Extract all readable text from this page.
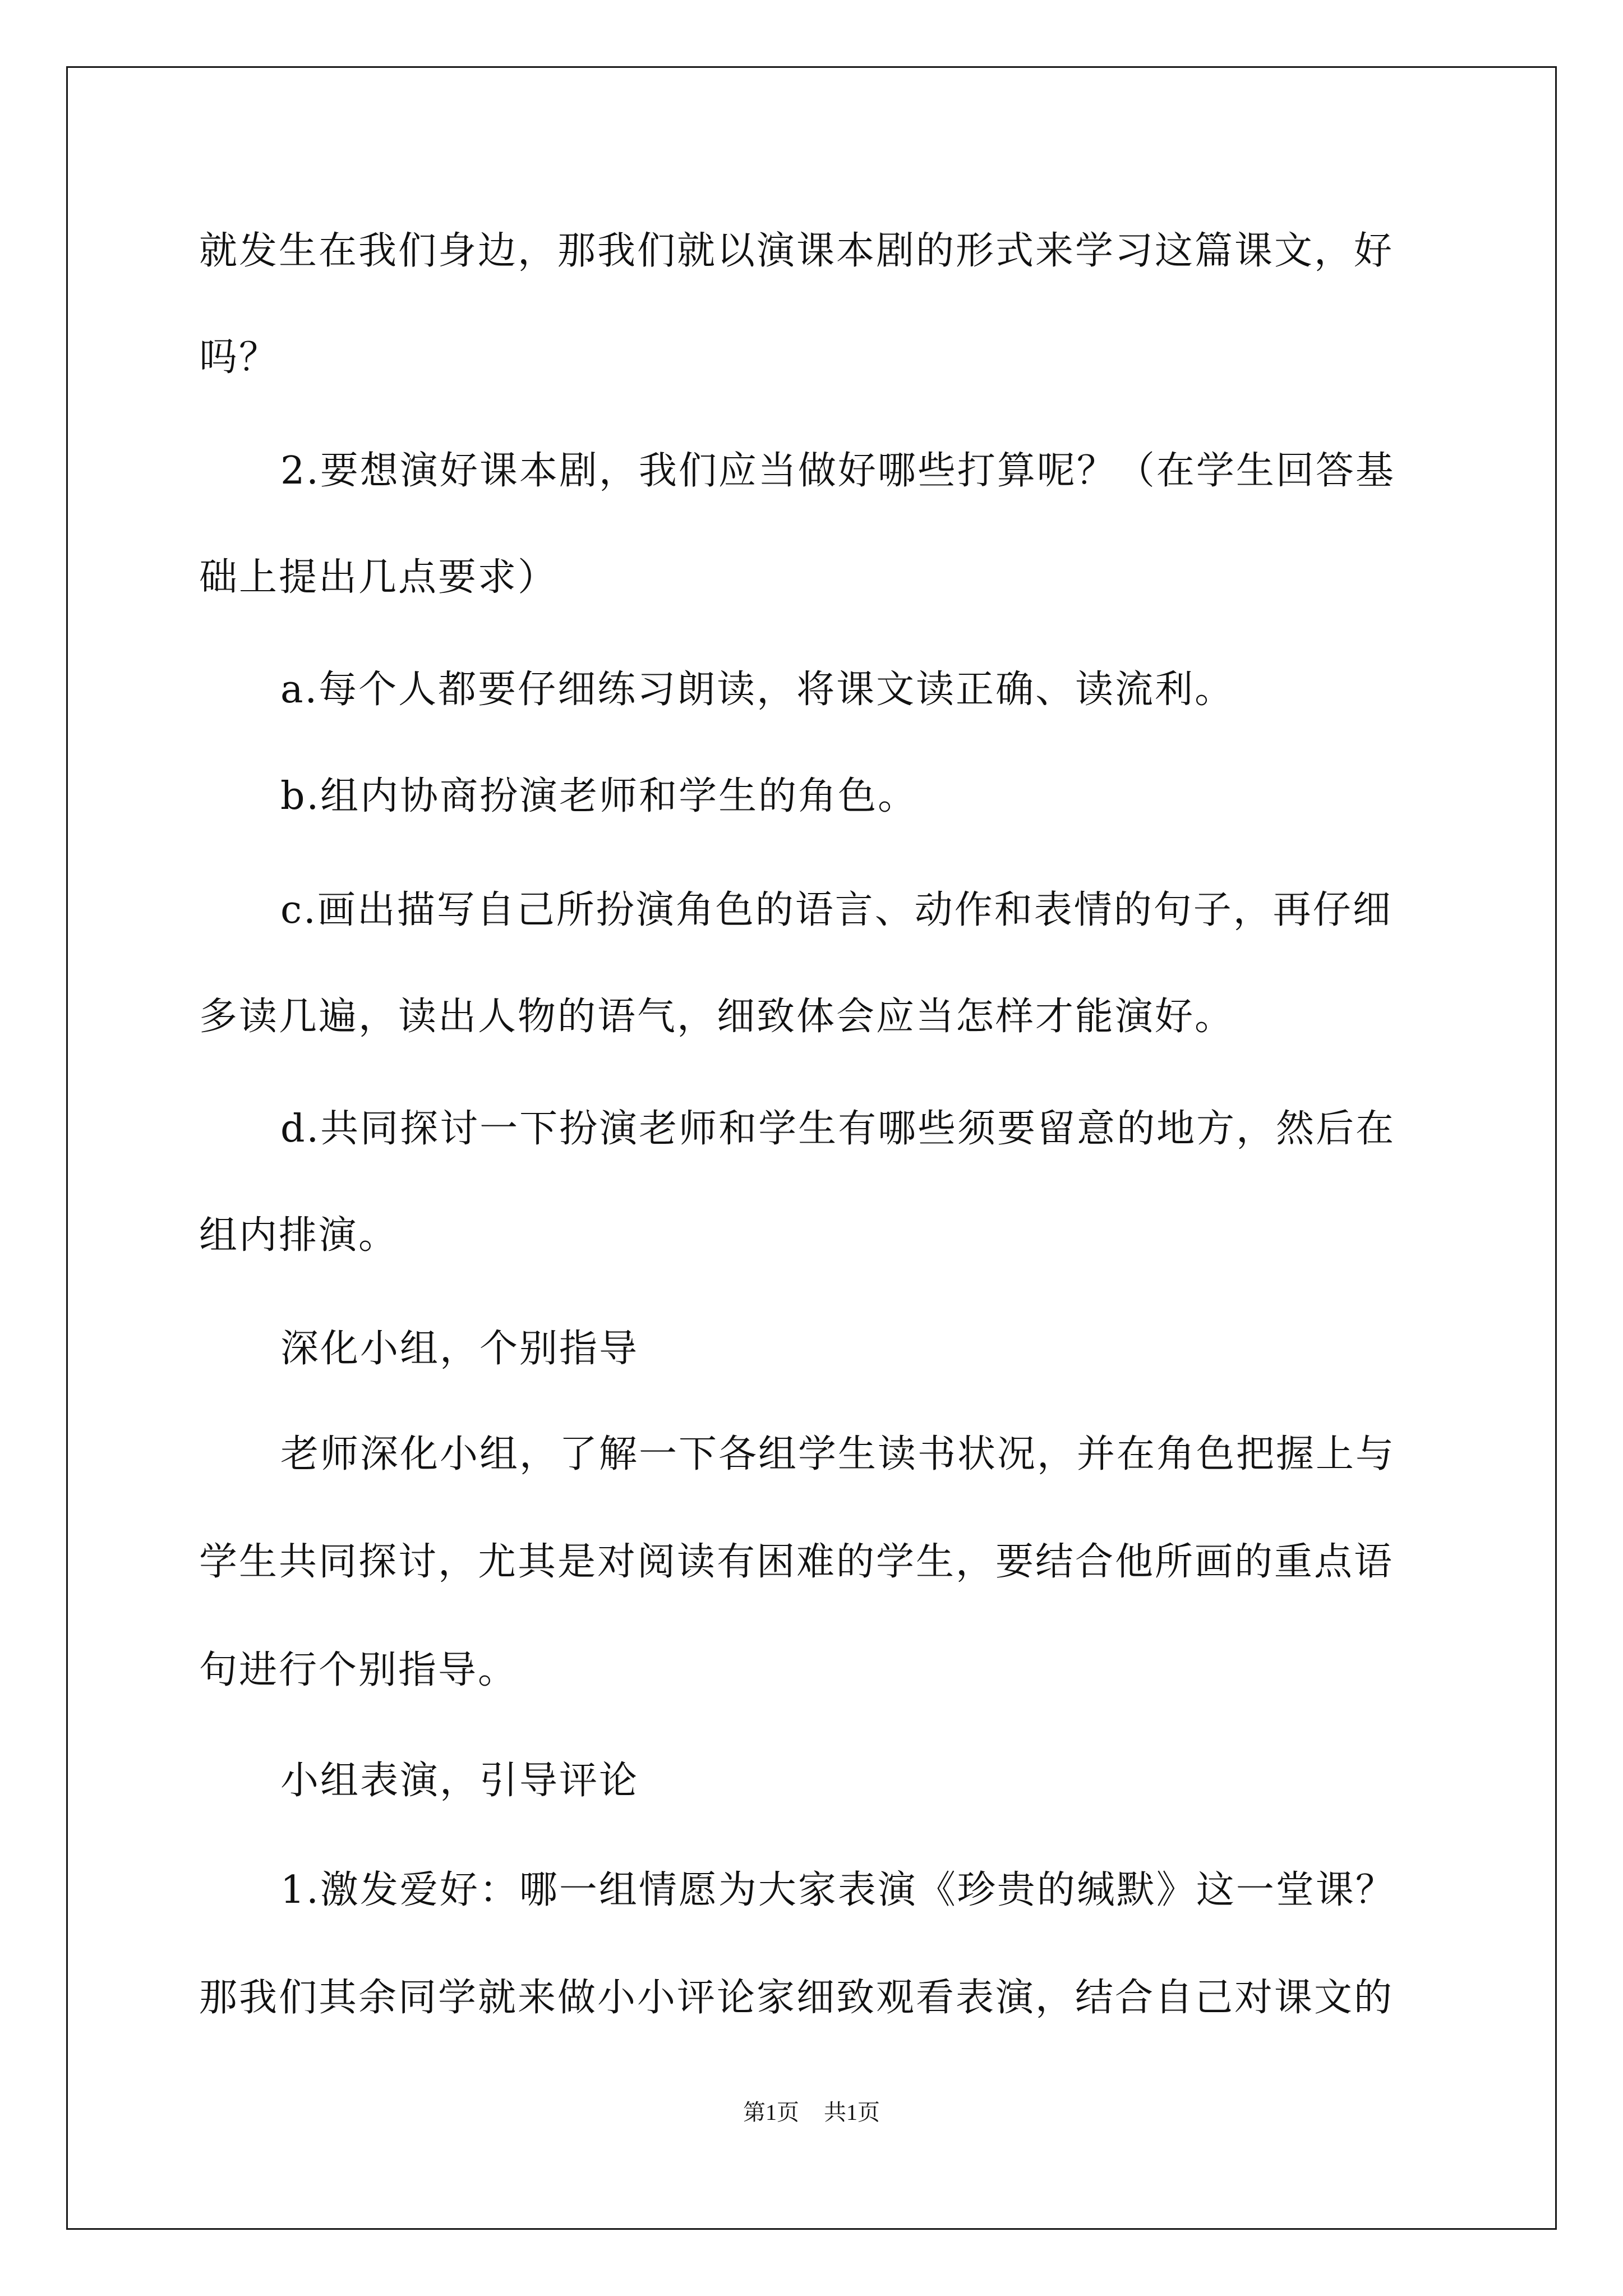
就发生在我们身边，那我们就以演课本剧的形式来学习这篇课文，好

吗？

2.要想演好课本剧，我们应当做好哪些打算呢？（在学生回答基

础上提出几点要求）

a.每个人都要仔细练习朗读，将课文读正确、读流利。

b.组内协商扮演老师和学生的角色。

c.画出描写自己所扮演角色的语言、动作和表情的句子，再仔细

多读几遍，读出人物的语气，细致体会应当怎样才能演好。

d.共同探讨一下扮演老师和学生有哪些须要留意的地方，然后在

组内排演。

深化小组，个别指导

老师深化小组，了解一下各组学生读书状况，并在角色把握上与

学生共同探讨，尤其是对阅读有困难的学生，要结合他所画的重点语

句进行个别指导。

小组表演，引导评论

1.激发爱好：哪一组情愿为大家表演《珍贵的缄默》这一堂课？

那我们其余同学就来做小小评论家细致观看表演，结合自己对课文的

第1页 共1页
